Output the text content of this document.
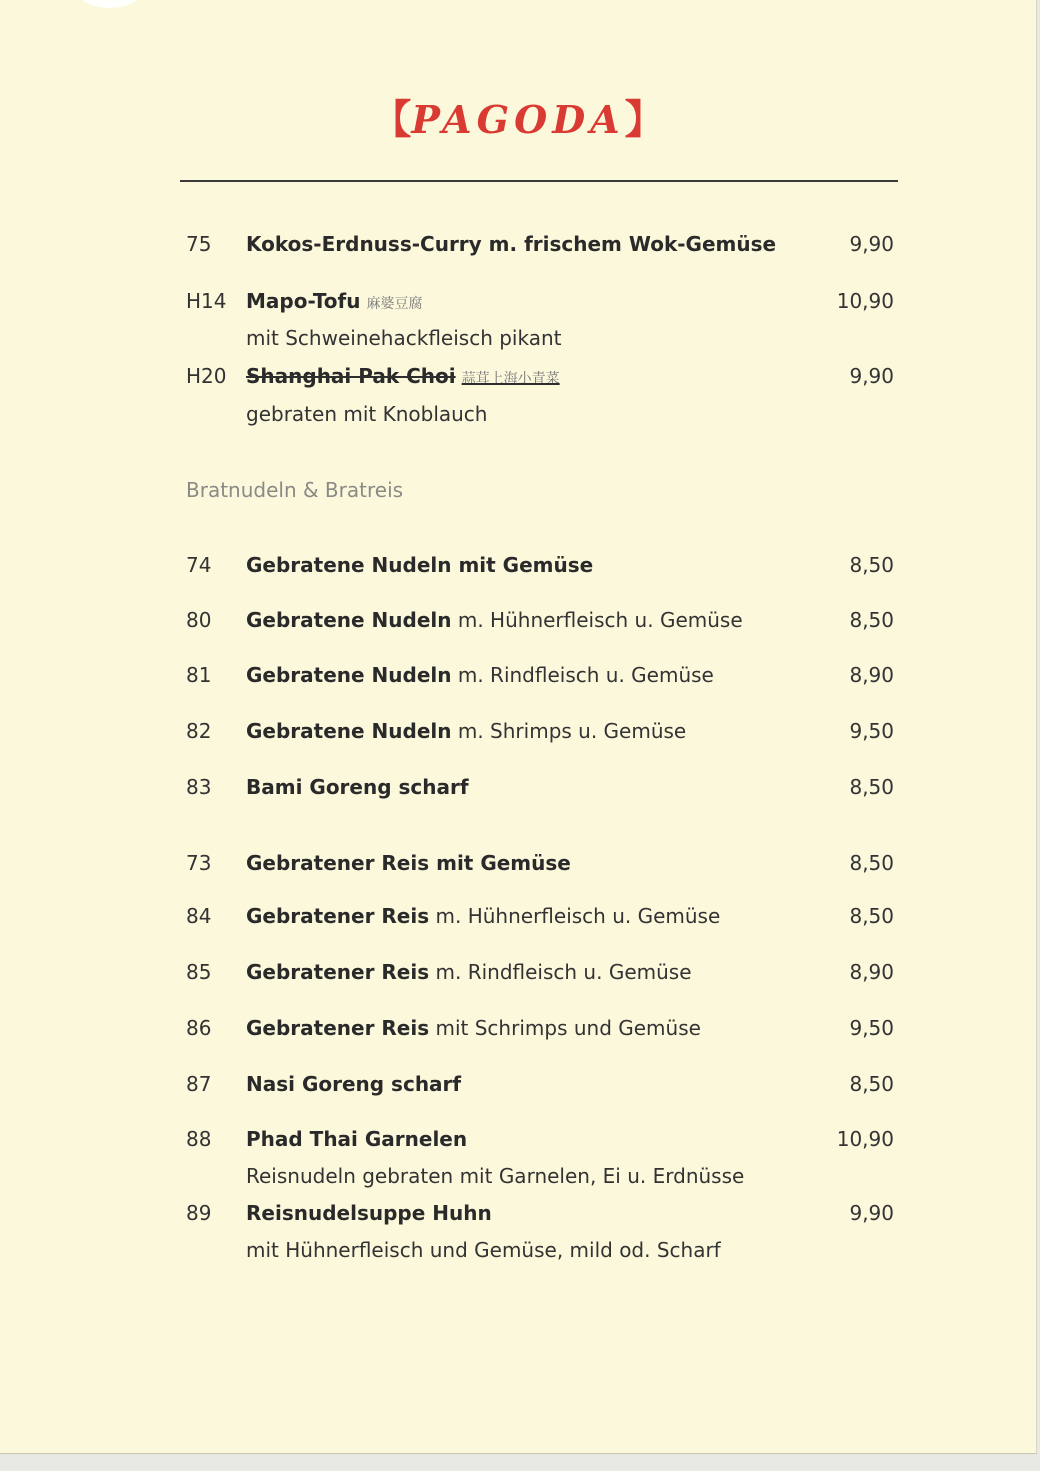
【PAGODA】
75 Kokos-Erdnuss-Curry m. frischem Wok-Gemüse	9,90
H14 Mapo-Tofu 麻婆豆腐	10,90
mit Schweinehackfleisch pikant
H20 Shanghai Pak Choi 蒜茸上海小青菜	9,90
gebraten mit Knoblauch
Bratnudeln & Bratreis
74 Gebratene Nudeln mit Gemüse	8,50
80 Gebratene Nudeln m. Hühnerfleisch u. Gemüse	8,50
81 Gebratene Nudeln m. Rindfleisch u. Gemüse	8,90
82 Gebratene Nudeln m. Shrimps u. Gemüse	9,50
83 Bami Goreng scharf	8,50
73 Gebratener Reis mit Gemüse	8,50
84 Gebratener Reis m. Hühnerfleisch u. Gemüse	8,50
85 Gebratener Reis m. Rindfleisch u. Gemüse	8,90
86 Gebratener Reis mit Schrimps und Gemüse	9,50
87 Nasi Goreng scharf	8,50
88 Phad Thai Garnelen	10,90
Reisnudeln gebraten mit Garnelen, Ei u. Erdnüsse
89 Reisnudelsuppe Huhn	9,90
mit Hühnerfleisch und Gemüse, mild od. Scharf
